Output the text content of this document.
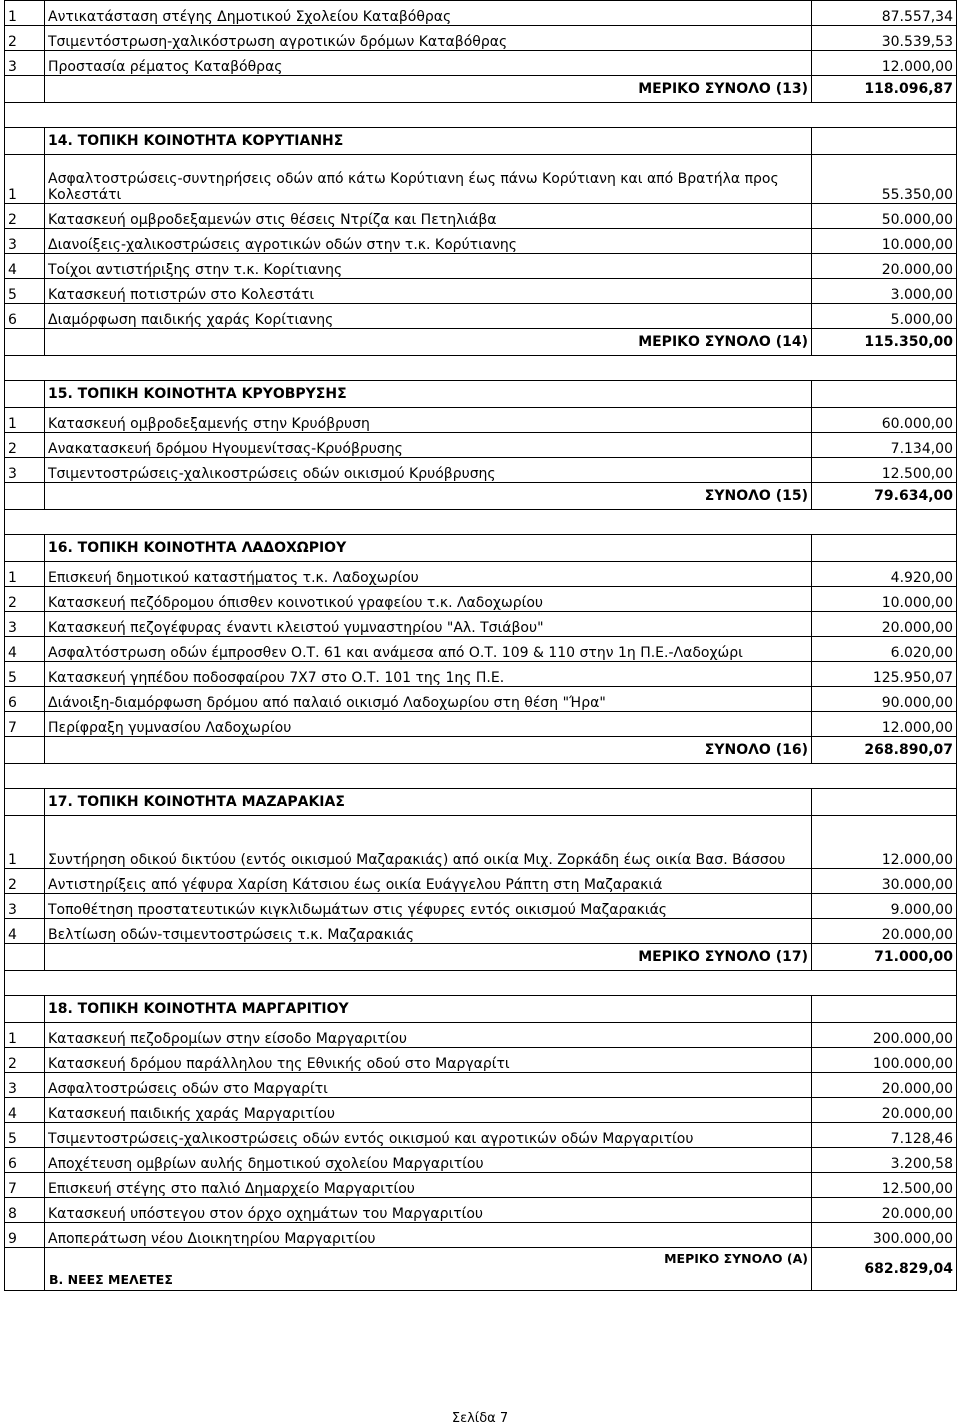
1	Αντικατάσταση στέγης Δημοτικού Σχολείου Καταβόθρας	87.557,34
2	Τσιμεντόστρωση-χαλικόστρωση αγροτικών δρόμων Καταβόθρας	30.539,53
3	Προστασία ρέματος Καταβόθρας	12.000,00
	ΜΕΡΙΚΟ ΣΥΝΟΛΟ (13)	118.096,87

	14. ΤΟΠΙΚΗ ΚΟΙΝΟΤΗΤΑ ΚΟΡΥΤΙΑΝΗΣ	
1	Ασφαλτοστρώσεις-συντηρήσεις οδών από κάτω Κορύτιανη έως πάνω Κορύτιανη και από Βρατήλα προς Κολεστάτι	55.350,00
2	Κατασκευή ομβροδεξαμενών στις θέσεις Ντρίζα και Πετηλιάβα	50.000,00
3	Διανοίξεις-χαλικοστρώσεις αγροτικών οδών στην τ.κ. Κορύτιανης	10.000,00
4	Τοίχοι αντιστήριξης στην τ.κ. Κορίτιανης	20.000,00
5	Κατασκευή ποτιστρών στο Κολεστάτι	3.000,00
6	Διαμόρφωση παιδικής χαράς Κορίτιανης	5.000,00
	ΜΕΡΙΚΟ ΣΥΝΟΛΟ (14)	115.350,00

	15. ΤΟΠΙΚΗ ΚΟΙΝΟΤΗΤΑ ΚΡΥΟΒΡΥΣΗΣ	
1	Κατασκευή ομβροδεξαμενής στην Κρυόβρυση	60.000,00
2	Ανακατασκευή δρόμου Ηγουμενίτσας-Κρυόβρυσης	7.134,00
3	Τσιμεντοστρώσεις-χαλικοστρώσεις οδών οικισμού Κρυόβρυσης	12.500,00
	ΣΥΝΟΛΟ (15)	79.634,00

	16. ΤΟΠΙΚΗ ΚΟΙΝΟΤΗΤΑ ΛΑΔΟΧΩΡΙΟΥ	
1	Επισκευή δημοτικού καταστήματος τ.κ. Λαδοχωρίου	4.920,00
2	Κατασκευή πεζόδρομου όπισθεν κοινοτικού γραφείου τ.κ. Λαδοχωρίου	10.000,00
3	Κατασκευή πεζογέφυρας έναντι κλειστού γυμναστηρίου "Αλ. Τσιάβου"	20.000,00
4	Ασφαλτόστρωση οδών έμπροσθεν Ο.Τ. 61 και ανάμεσα από Ο.Τ. 109 & 110 στην 1η Π.Ε.-Λαδοχώρι	6.020,00
5	Κατασκευή γηπέδου ποδοσφαίρου 7Χ7 στο Ο.Τ. 101 της 1ης Π.Ε.	125.950,07
6	Διάνοιξη-διαμόρφωση δρόμου από παλαιό οικισμό Λαδοχωρίου στη θέση "Ήρα"	90.000,00
7	Περίφραξη γυμνασίου Λαδοχωρίου	12.000,00
	ΣΥΝΟΛΟ (16)	268.890,07

	17. ΤΟΠΙΚΗ ΚΟΙΝΟΤΗΤΑ ΜΑΖΑΡΑΚΙΑΣ	
1	Συντήρηση οδικού δικτύου (εντός οικισμού Μαζαρακιάς) από οικία Μιχ. Ζορκάδη έως οικία Βασ. Βάσσου	12.000,00
2	Αντιστηρίξεις από γέφυρα Χαρίση Κάτσιου έως οικία Ευάγγελου Ράπτη στη Μαζαρακιά	30.000,00
3	Τοποθέτηση προστατευτικών κιγκλιδωμάτων στις γέφυρες εντός οικισμού Μαζαρακιάς	9.000,00
4	Βελτίωση οδών-τσιμεντοστρώσεις τ.κ. Μαζαρακιάς	20.000,00
	ΜΕΡΙΚΟ ΣΥΝΟΛΟ (17)	71.000,00

	18. ΤΟΠΙΚΗ ΚΟΙΝΟΤΗΤΑ ΜΑΡΓΑΡΙΤΙΟΥ	
1	Κατασκευή πεζοδρομίων στην είσοδο Μαργαριτίου	200.000,00
2	Κατασκευή δρόμου παράλληλου της Εθνικής οδού στο Μαργαρίτι	100.000,00
3	Ασφαλτοστρώσεις οδών στο Μαργαρίτι	20.000,00
4	Κατασκευή παιδικής χαράς Μαργαριτίου	20.000,00
5	Τσιμεντοστρώσεις-χαλικοστρώσεις οδών εντός οικισμού και αγροτικών οδών Μαργαριτίου	7.128,46
6	Αποχέτευση ομβρίων αυλής δημοτικού σχολείου Μαργαριτίου	3.200,58
7	Επισκευή στέγης στο παλιό Δημαρχείο Μαργαριτίου	12.500,00
8	Κατασκευή υπόστεγου στον όρχο οχημάτων του Μαργαριτίου	20.000,00
9	Αποπεράτωση νέου Διοικητηρίου Μαργαριτίου	300.000,00

	Β. ΝΕΕΣ ΜΕΛΕΤΕΣ
ΜΕΡΙΚΟ ΣΥΝΟΛΟ (Α)	682.829,04
Σελίδα 7
